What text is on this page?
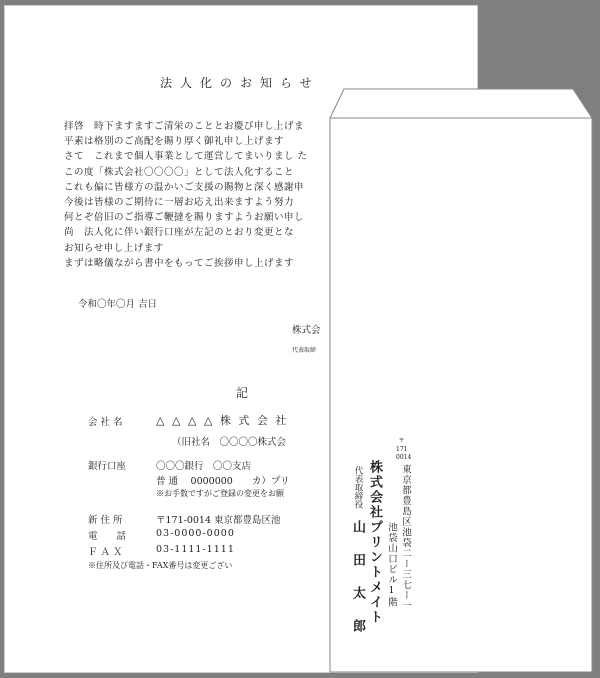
法人化のお知らせ
拝啓　時下ますますご清栄のこととお慶び申し上げま
平素は格別のご高配を賜り厚く御礼申し上げます
さて　これまで個人事業として運営してまいりまし た
この度「株式会社〇〇〇〇」として法人化すること
これも偏に皆様方の温かいご支援の賜物と深く感謝申
今後は皆様のご期待に一層お応え出来ますよう努力
何とぞ倍旧のご指導ご鞭撻を賜りますようお願い申し
尚　法人化に伴い銀行口座が左記のとおり変更とな
お知らせ申し上げます
まずは略儀ながら書中をもってご挨拶申し上げます
令和〇年〇月 吉日
株式会
代表取締
記
会 社 名	△ △ △ △ 株 式 会 社
（旧社名　〇〇〇〇株式会
銀行口座	〇〇〇銀行　〇〇支店
普 通 　0000000　　カ）プリ
※お手数ですがご登録の変更をお願
新 住 所	〒171-0014 東京都豊島区池
電　　話	03-0000-0000
Ｆ Ａ Ｘ	03-1111-1111
※住所及び電話・FAX番号は変更ござい
〒
171
0014
東京都豊島区池袋二ー三七ー一
池袋山口ビル1階
株式会社プリントメイト
代表取締役
山田太郎
